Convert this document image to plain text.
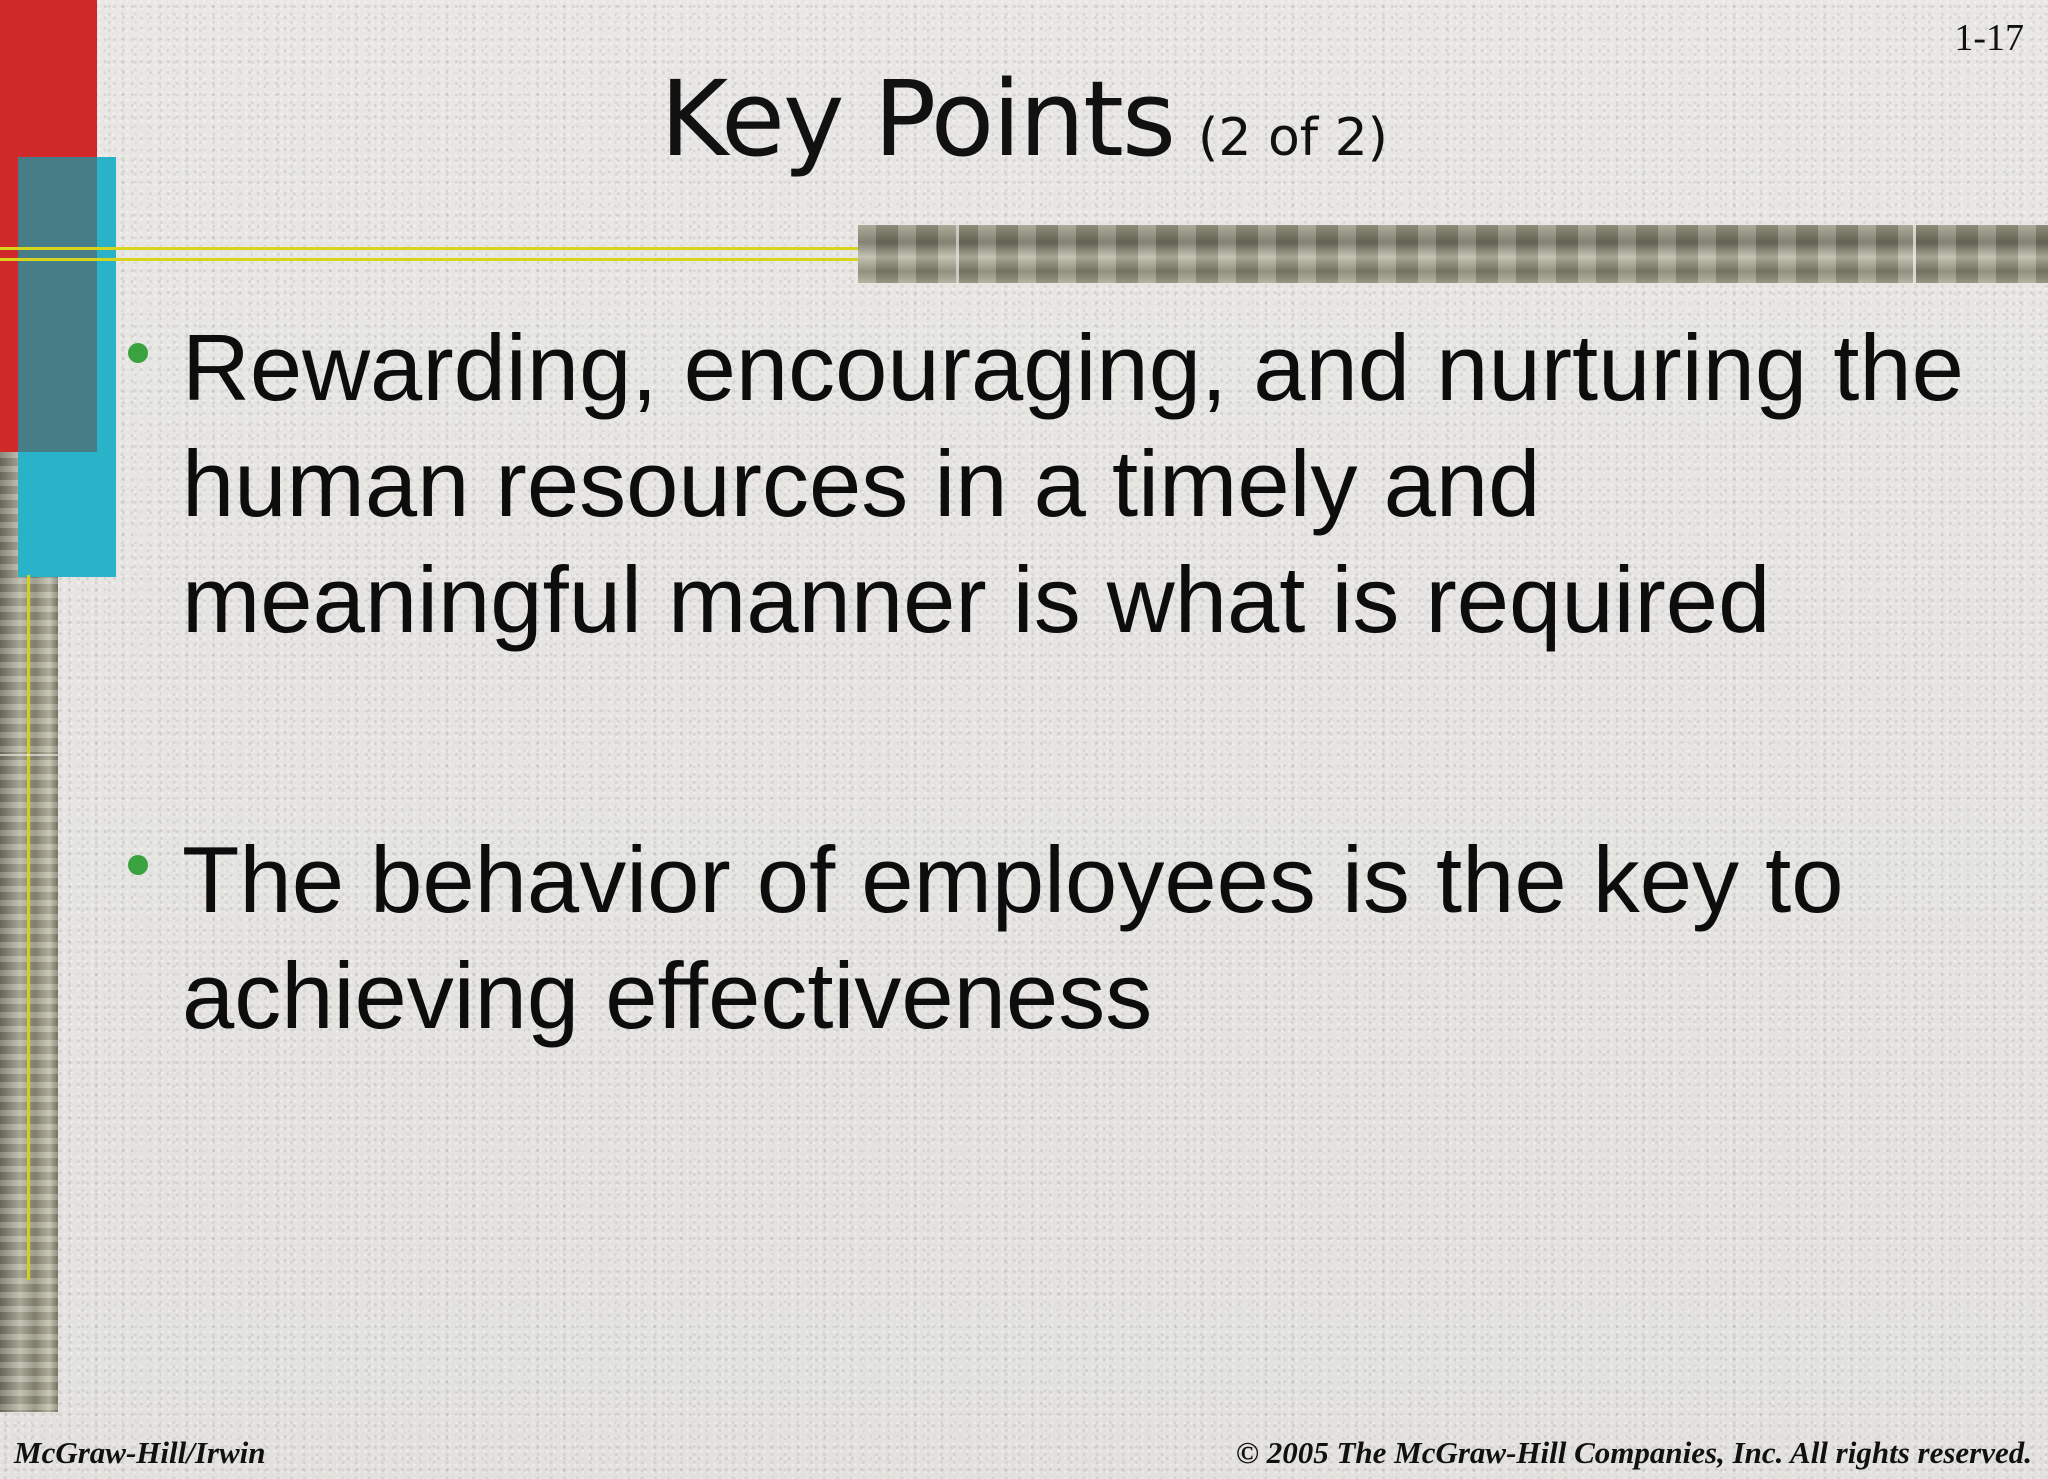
1-17
Key Points (2 of 2)
Rewarding, encouraging, and nurturing the human resources in a timely and meaningful manner is what is required
The behavior of employees is the key to achieving effectiveness
McGraw-Hill/Irwin	© 2005 The McGraw-Hill Companies, Inc. All rights reserved.
